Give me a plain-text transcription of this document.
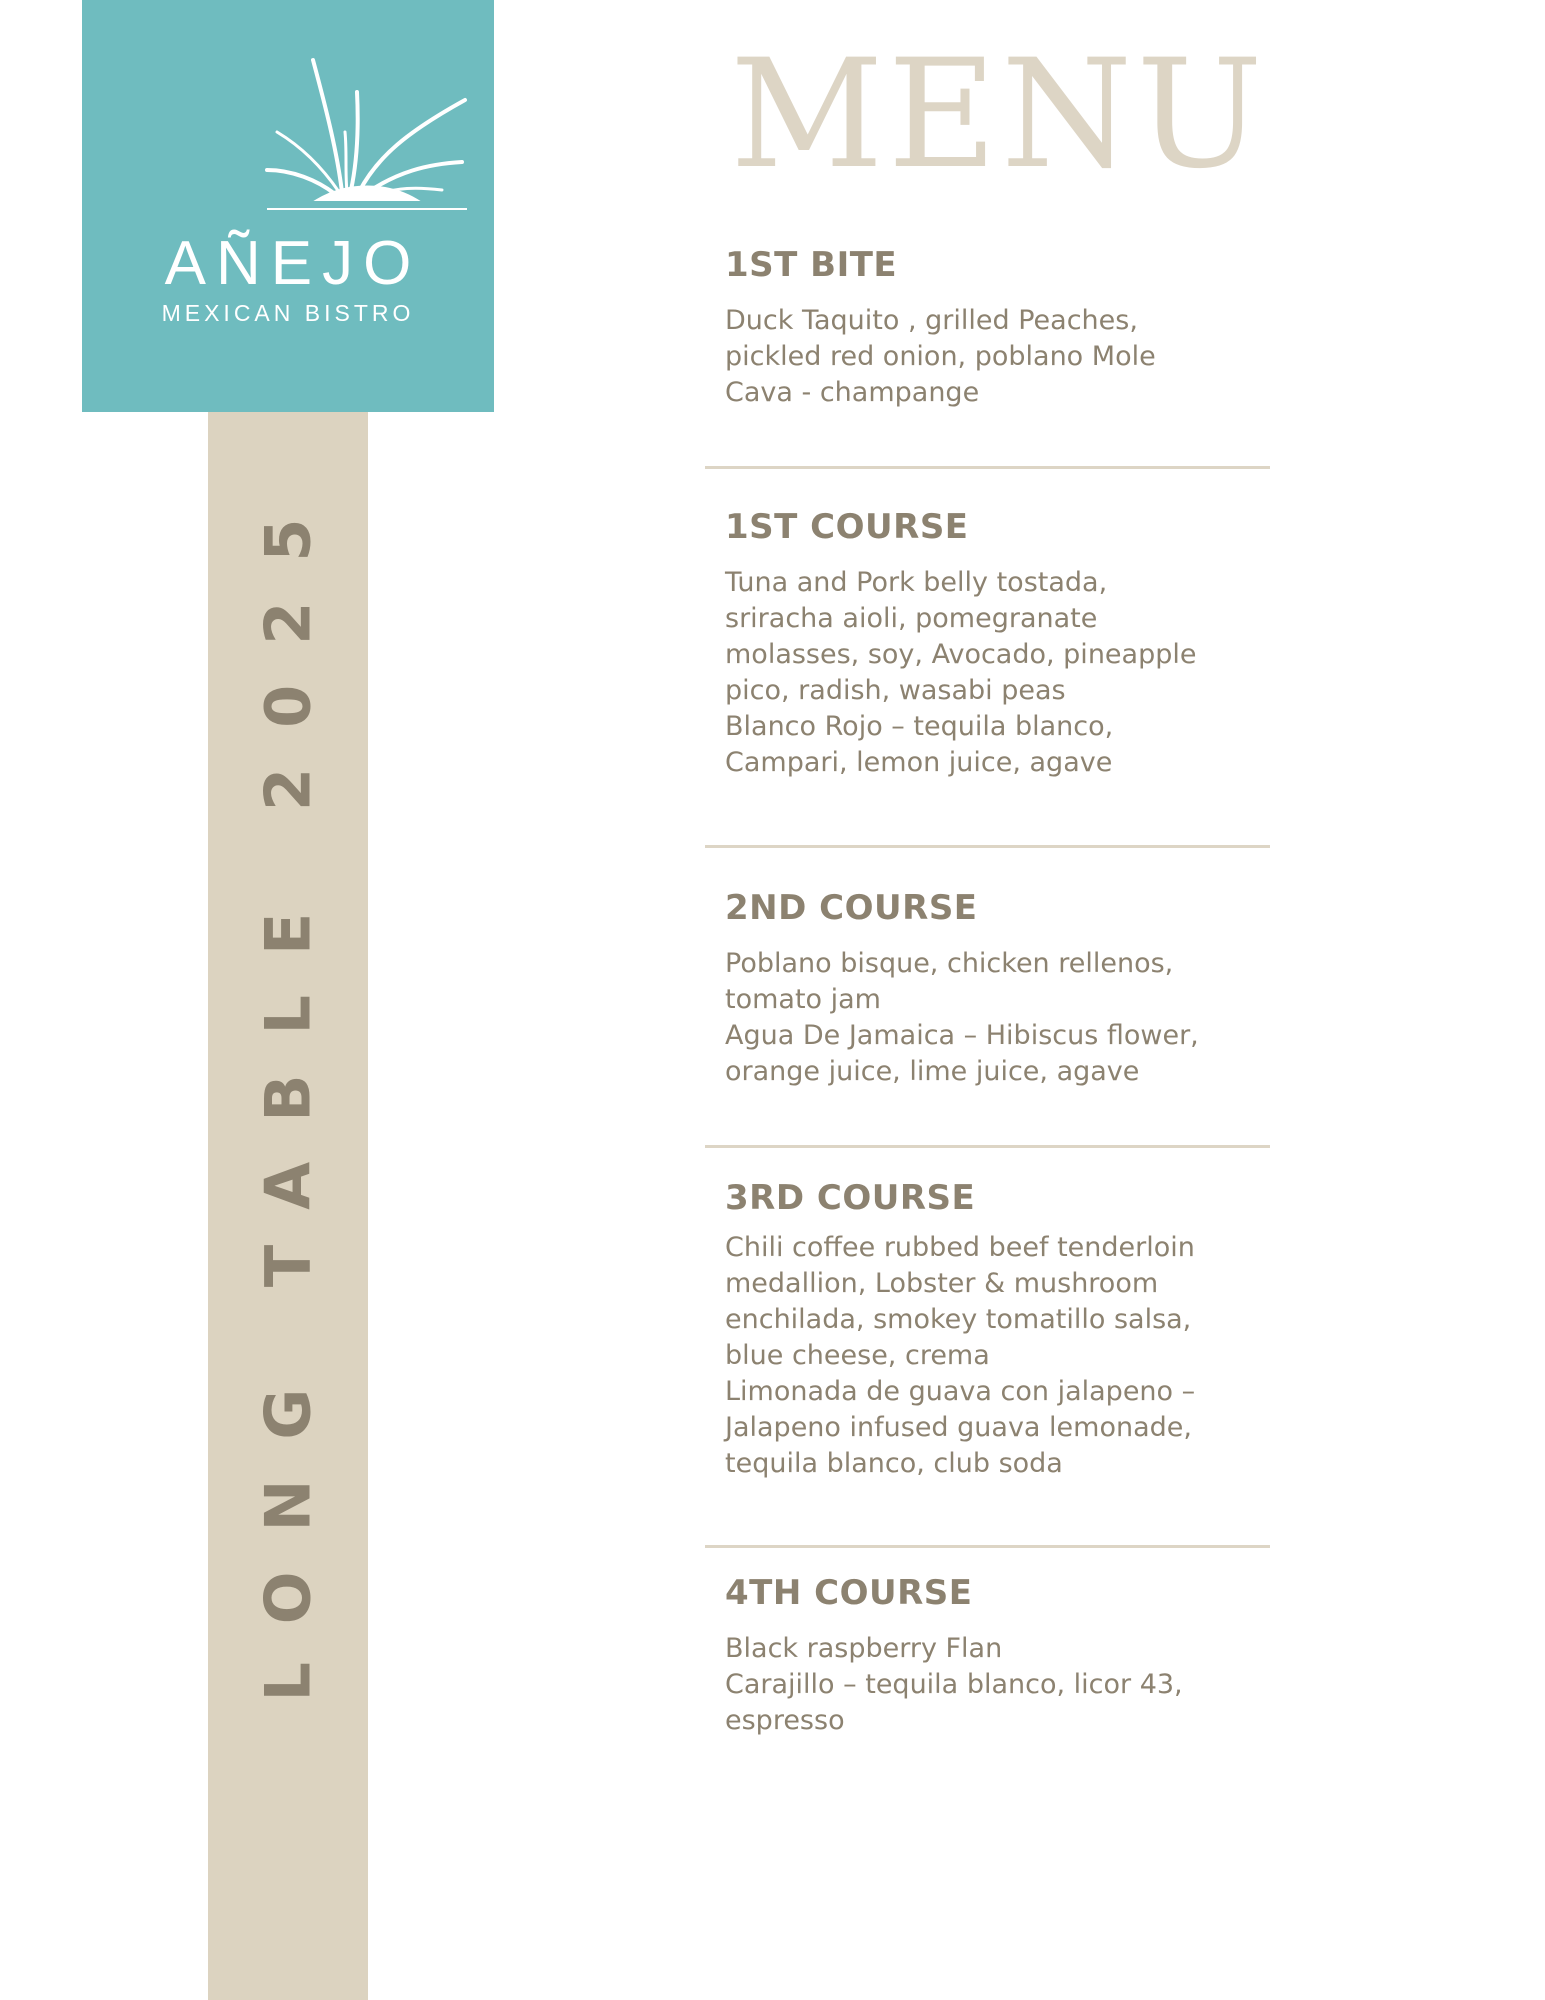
LONG TABLE 2025
AÑEJO
MEXICAN BISTRO
MENU
1ST BITE
Duck Taquito , grilled Peaches,
pickled red onion, poblano Mole
Cava - champange
1ST COURSE
Tuna and Pork belly tostada,
sriracha aioli, pomegranate
molasses, soy, Avocado, pineapple
pico, radish, wasabi peas
Blanco Rojo – tequila blanco,
Campari, lemon juice, agave
2ND COURSE
Poblano bisque, chicken rellenos,
tomato jam
Agua De Jamaica – Hibiscus flower,
orange juice, lime juice, agave
3RD COURSE
Chili coffee rubbed beef tenderloin
medallion, Lobster & mushroom
enchilada, smokey tomatillo salsa,
blue cheese, crema
Limonada de guava con jalapeno –
Jalapeno infused guava lemonade,
tequila blanco, club soda
4TH COURSE
Black raspberry Flan
Carajillo – tequila blanco, licor 43,
espresso
